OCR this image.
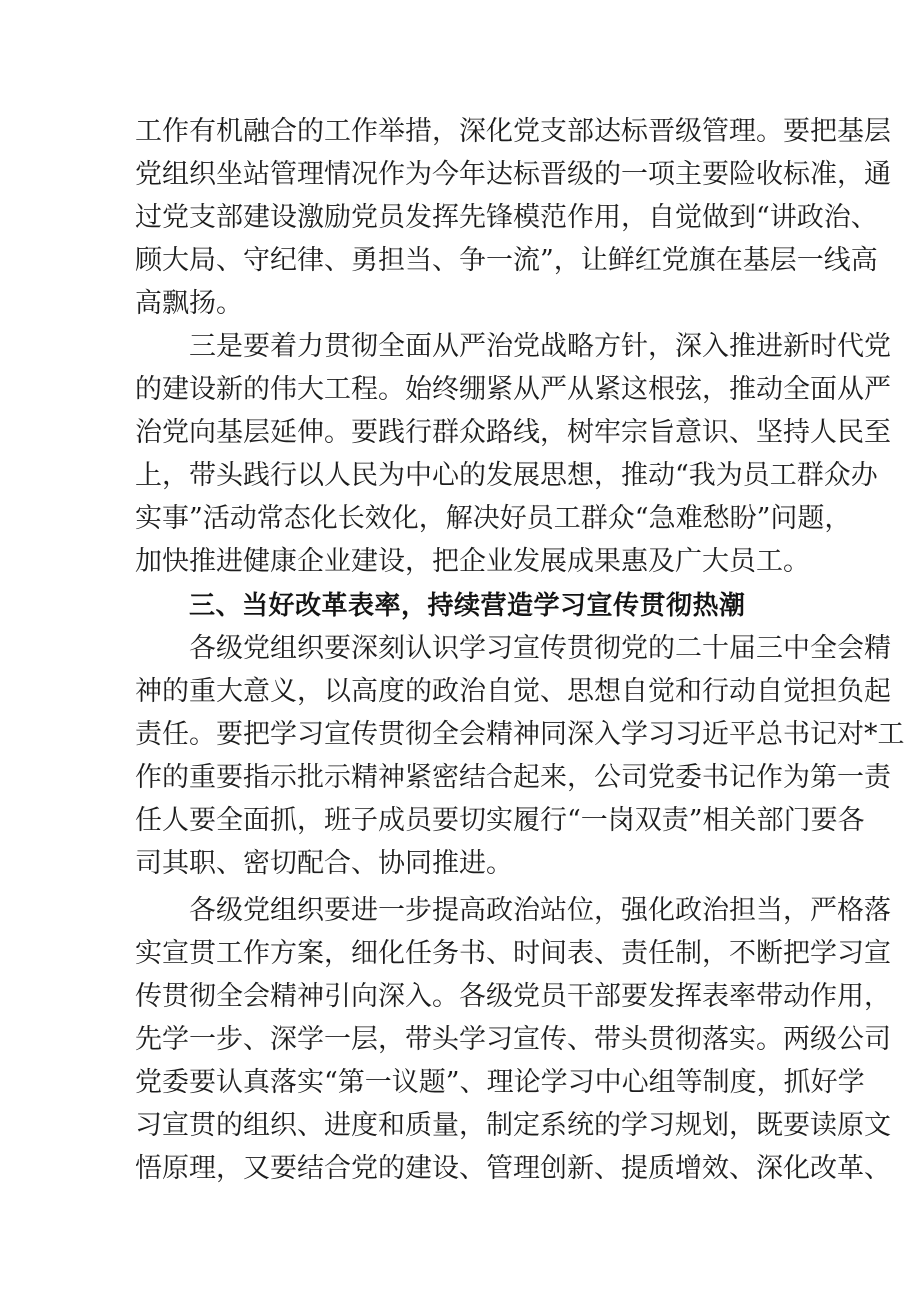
工作有机融合的工作举措，深化党支部达标晋级管理。要把基层
党组织坐站管理情况作为今年达标晋级的一项主要险收标准，通
过党支部建设激励党员发挥先锋模范作用，自觉做到“讲政治、
顾大局、守纪律、勇担当、争一流”，让鲜红党旗在基层一线高
高飘扬。
三是要着力贯彻全面从严治党战略方针，深入推进新时代党
的建设新的伟大工程。始终绷紧从严从紧这根弦，推动全面从严
治党向基层延伸。要践行群众路线，树牢宗旨意识、坚持人民至
上，带头践行以人民为中心的发展思想，推动“我为员工群众办
实事”活动常态化长效化，解决好员工群众“急难愁盼”问题，
加快推进健康企业建设，把企业发展成果惠及广大员工。
三、当好改革表率，持续营造学习宣传贯彻热潮
各级党组织要深刻认识学习宣传贯彻党的二十届三中全会精
神的重大意义，以高度的政治自觉、思想自觉和行动自觉担负起
责任。要把学习宣传贯彻全会精神同深入学习习近平总书记对*工
作的重要指示批示精神紧密结合起来，公司党委书记作为第一责
任人要全面抓，班子成员要切实履行“一岗双责”相关部门要各
司其职、密切配合、协同推进。
各级党组织要进一步提高政治站位，强化政治担当，严格落
实宣贯工作方案，细化任务书、时间表、责任制，不断把学习宣
传贯彻全会精神引向深入。各级党员干部要发挥表率带动作用，
先学一步、深学一层，带头学习宣传、带头贯彻落实。两级公司
党委要认真落实“第一议题”、理论学习中心组等制度，抓好学
习宣贯的组织、进度和质量，制定系统的学习规划，既要读原文
悟原理，又要结合党的建设、管理创新、提质增效、深化改革、
